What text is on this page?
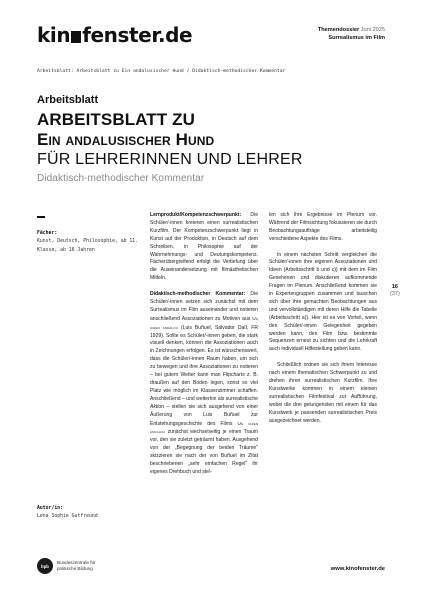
kin fenster.de	Themendossier Juni 2025
Surrealismus im Film
Arbeitsblatt: Arbeitsblatt zu Ein andalusischer Hund / Didaktisch-methodischer Kommentar
Arbeitsblatt
ARBEITSBLATT ZU
Ein andalusischer Hund
FÜR LEHRERINNEN UND LEHRER
Didaktisch-methodischer Kommentar
Fächer:
Kunst, Deutsch, Philosophie, ab 11. Klasse, ab 16 Jahren
Autor/in:
Lena Sophie Gutfreund

Lernprodukt/Kompetenzschwerpunkt: Die Schüler/-innen kreieren einen surrealistischen Kurzfilm. Der Kompetenzschwerpunkt liegt in Kunst auf der Produktion, in Deutsch auf dem Schreiben, in Philosophie auf der Wahrnehmungs- und Deutungskompetenz. Fächerübergreifend erfolgt die Vertiefung über die Auseinandersetzung mit filmästhetischen Mitteln.

Didaktisch-methodischer Kommentar: Die Schüler/-innen setzen sich zunächst mit dem Surrealismus im Film auseinander und notieren anschließend Assoziationen zu Motiven aus Un chien andalou (Luis Buñuel, Salvador Dalí, FR 1929). Sollte es Schüler/-innen geben, die stark visuell denken, können die Assoziationen auch in Zeichnungen erfolgen. Es ist wünschenswert, dass die Schüler/-innen Raum haben, um sich zu bewegen und ihre Assoziationen zu notieren – bei gutem Wetter kann man Flipcharts z. B. draußen auf den Boden legen, sonst so viel Platz wie möglich im Klassenzimmer schaffen. Anschließend – und weiterhin als surrealistische Aktion – stellen sie sich ausgehend von einer Äußerung von Luis Buñuel zur Entstehungsgeschichte des Films Un chien andalou zunächst wechselseitig je einen Traum vor, den sie zuletzt geträumt haben. Ausgehend von der „Begegnung der beiden Träume" skizzieren sie nach der von Buñuel im Zitat beschriebenen „sehr einfachen Regel" ihr eigenes Drehbuch und stel-

len sich ihre Ergebnisse im Plenum vor. Während der Filmsichtung fokussieren sie durch Beobachtungsaufträge arbeitsteilig verschiedene Aspekte des Films.

In einem nächsten Schritt vergleichen die Schüler/-innen ihre eigenen Assoziationen und Ideen (Arbeitsschritt b und c)) mit dem im Film Gesehenen und diskutieren aufkommende Fragen im Plenum. Anschließend kommen sie in Expertengruppen zusammen und tauschen sich über ihre gemachten Beobachtungen aus und vervollständigen mit deren Hilfe die Tabelle (Arbeitsschritt a)). Hier ist es von Vorteil, wenn den Schüler/-innen Gelegenheit gegeben werden kann, den Film bzw. bestimmte Sequenzen erneut zu sichten und die Lehrkraft auch individuell Hilfestellung geben kann.

Schließlich ordnen sie sich ihrem Interesse nach einem thematischen Schwerpunkt zu und drehen ihren surrealistischen Kurzfilm. Ihre Kunstwerke kommen in einem kleinen surrealistischen Filmfestival zur Aufführung, wobei die drei gelungensten mit einem für das Kunstwerk je passenden surrealistischen Preis ausgezeichnet werden.

16
(37)
bpb
Bundeszentrale für
politische Bildung	www.kinofenster.de
